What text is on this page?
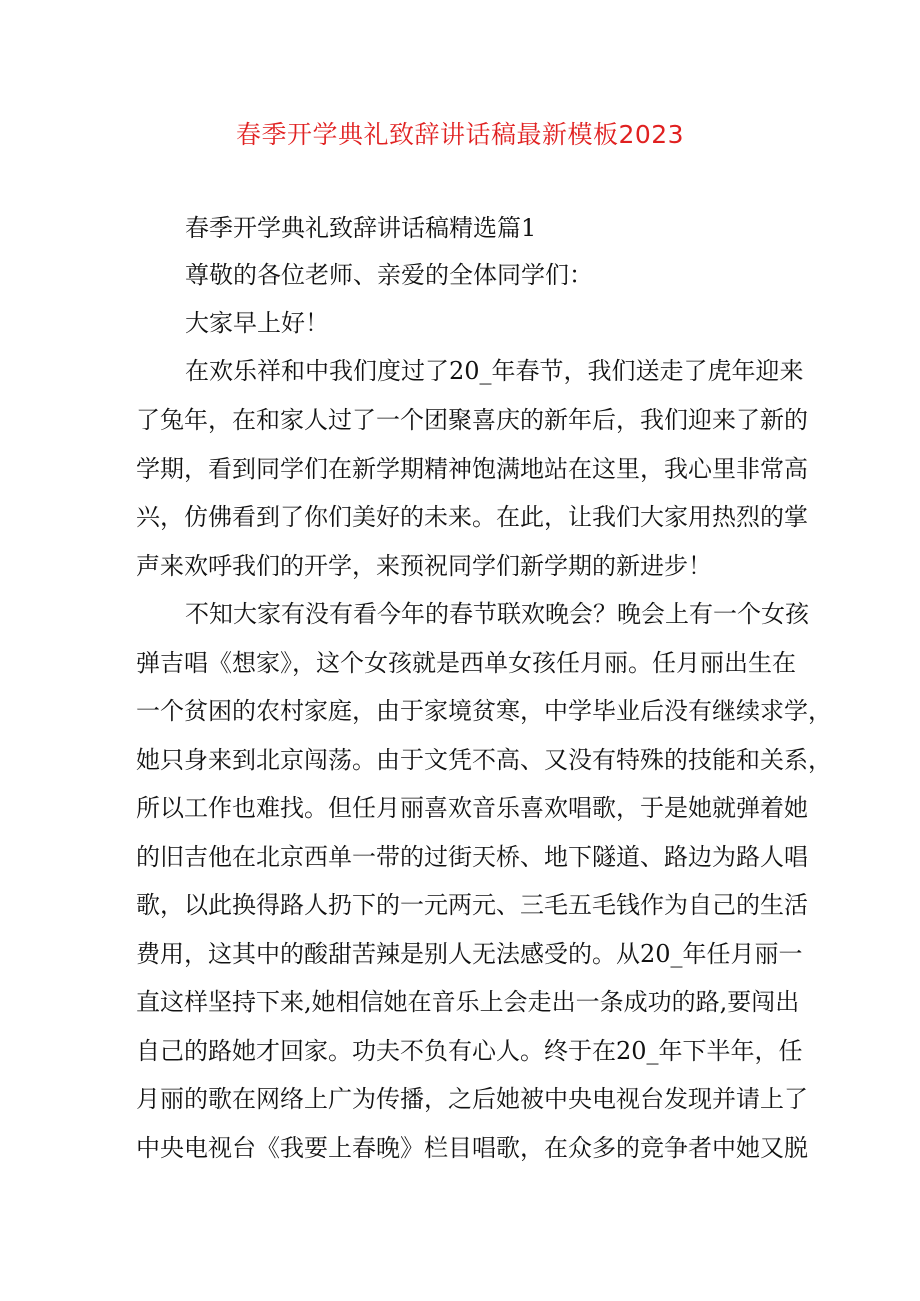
春季开学典礼致辞讲话稿最新模板2023
春季开学典礼致辞讲话稿精选篇1
尊敬的各位老师、亲爱的全体同学们：
大家早上好！
在欢乐祥和中我们度过了20_年春节，我们送走了虎年迎来
了兔年，在和家人过了一个团聚喜庆的新年后，我们迎来了新的
学期，看到同学们在新学期精神饱满地站在这里，我心里非常高
兴，仿佛看到了你们美好的未来。在此，让我们大家用热烈的掌
声来欢呼我们的开学，来预祝同学们新学期的新进步！
不知大家有没有看今年的春节联欢晚会？晚会上有一个女孩
弹吉唱《想家》，这个女孩就是西单女孩任月丽。任月丽出生在
一个贫困的农村家庭，由于家境贫寒，中学毕业后没有继续求学，
她只身来到北京闯荡。由于文凭不高、又没有特殊的技能和关系，
所以工作也难找。但任月丽喜欢音乐喜欢唱歌，于是她就弹着她
的旧吉他在北京西单一带的过街天桥、地下隧道、路边为路人唱
歌，以此换得路人扔下的一元两元、三毛五毛钱作为自己的生活
费用，这其中的酸甜苦辣是别人无法感受的。从20_年任月丽一
直这样坚持下来,她相信她在音乐上会走出一条成功的路,要闯出
自己的路她才回家。功夫不负有心人。终于在20_年下半年，任
月丽的歌在网络上广为传播，之后她被中央电视台发现并请上了
中央电视台《我要上春晚》栏目唱歌，在众多的竞争者中她又脱
